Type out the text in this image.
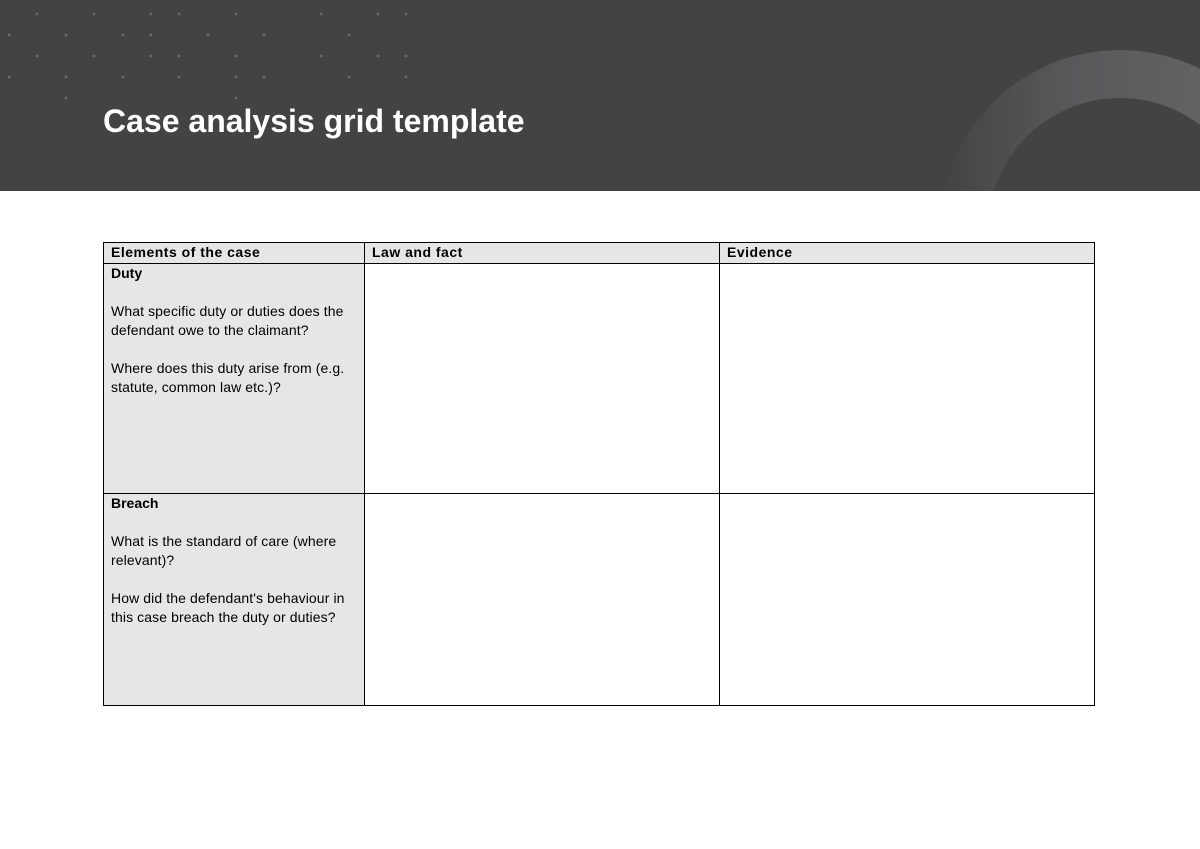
Case analysis grid template
Elements of the case	Law and fact	Evidence

Duty
What specific duty or duties does the defendant owe to the claimant?
Where does this duty arise from (e.g. statute, common law etc.)?		

Breach
What is the standard of care (where relevant)?
How did the defendant's behaviour in this case breach the duty or duties?		
